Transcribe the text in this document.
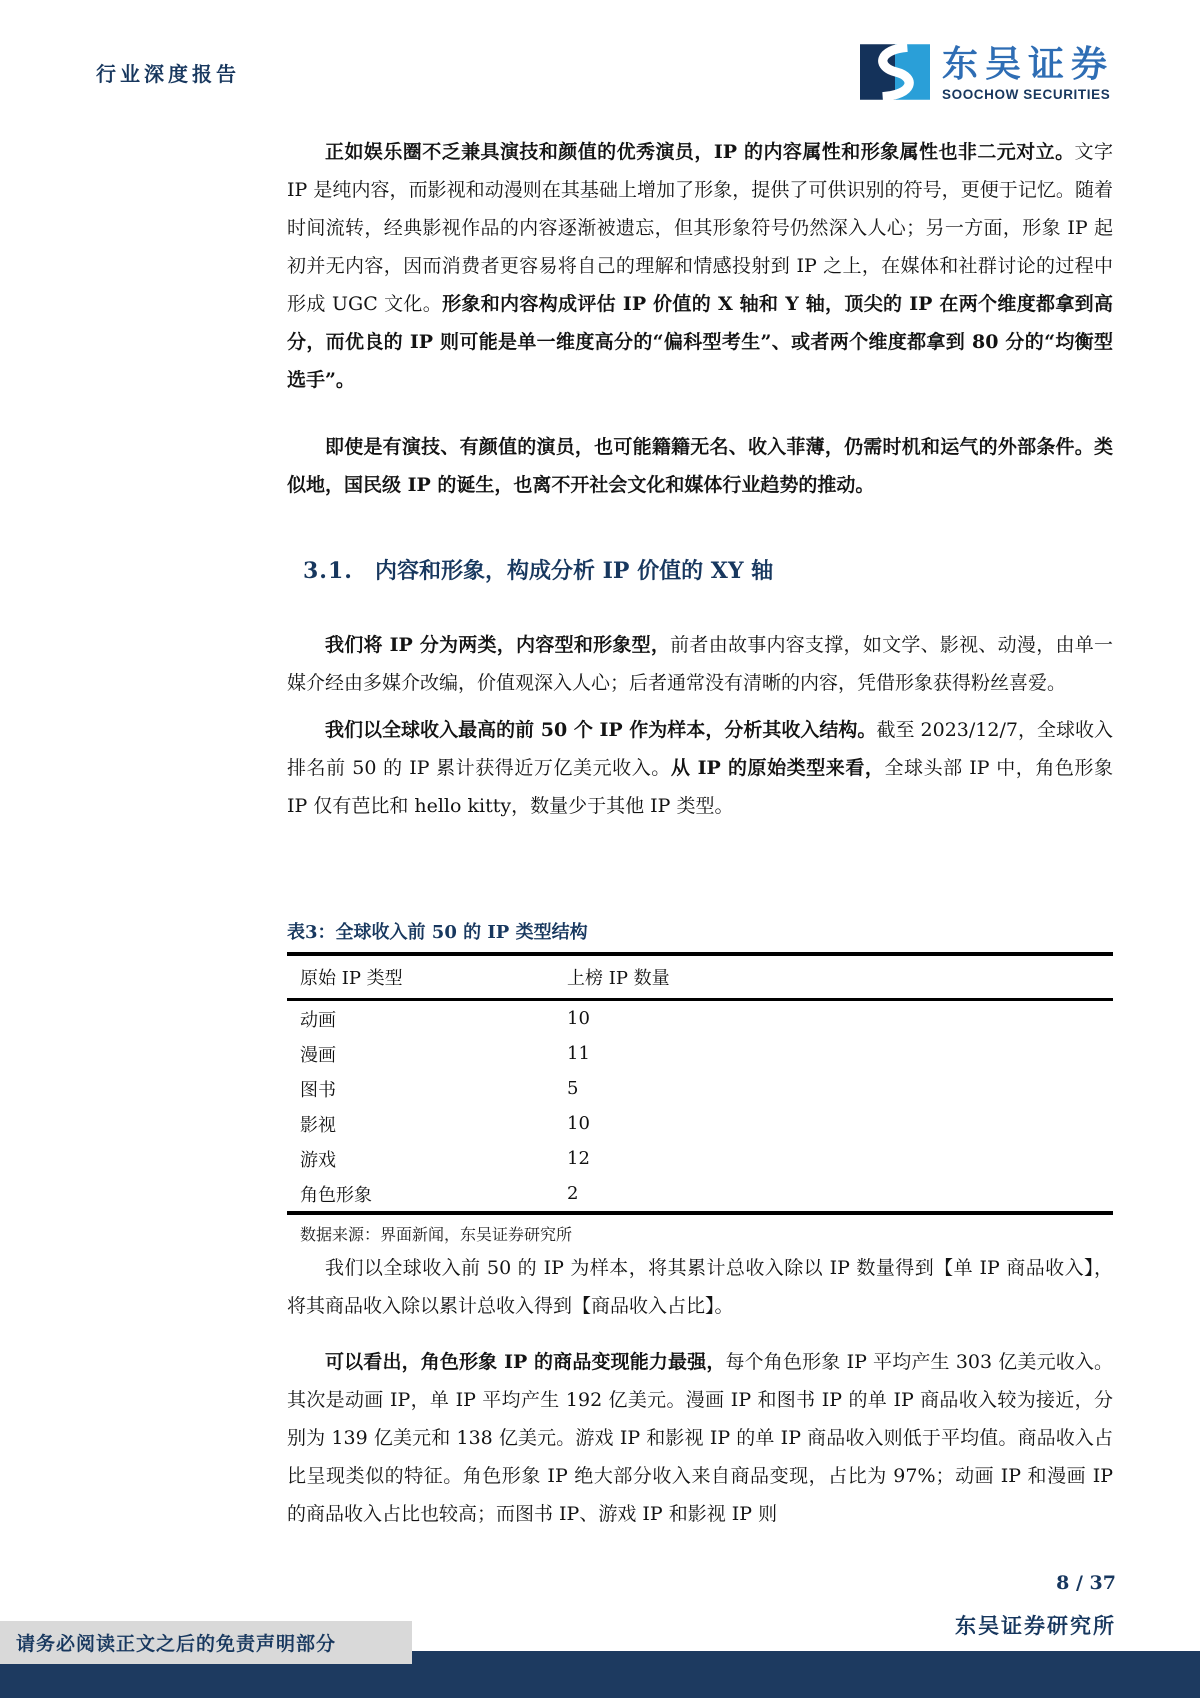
行业深度报告	东吴证券
SOOCHOW SECURITIES

正如娱乐圈不乏兼具演技和颜值的优秀演员，IP 的内容属性和形象属性也非二元对立。文字 IP 是纯内容，而影视和动漫则在其基础上增加了形象，提供了可供识别的符号，更便于记忆。随着时间流转，经典影视作品的内容逐渐被遗忘，但其形象符号仍然深入人心；另一方面，形象 IP 起初并无内容，因而消费者更容易将自己的理解和情感投射到 IP 之上，在媒体和社群讨论的过程中形成 UGC 文化。形象和内容构成评估 IP 价值的 X 轴和 Y 轴，顶尖的 IP 在两个维度都拿到高分，而优良的 IP 则可能是单一维度高分的“偏科型考生”、或者两个维度都拿到 80 分的“均衡型选手”。

即使是有演技、有颜值的演员，也可能籍籍无名、收入菲薄，仍需时机和运气的外部条件。类似地，国民级 IP 的诞生，也离不开社会文化和媒体行业趋势的推动。

3.1. 内容和形象，构成分析 IP 价值的 XY 轴

我们将 IP 分为两类，内容型和形象型，前者由故事内容支撑，如文学、影视、动漫，由单一媒介经由多媒介改编，价值观深入人心；后者通常没有清晰的内容，凭借形象获得粉丝喜爱。

我们以全球收入最高的前 50 个 IP 作为样本，分析其收入结构。截至 2023/12/7，全球收入排名前 50 的 IP 累计获得近万亿美元收入。从 IP 的原始类型来看，全球头部 IP 中，角色形象 IP 仅有芭比和 hello kitty，数量少于其他 IP 类型。

表3：全球收入前 50 的 IP 类型结构
原始 IP 类型	上榜 IP 数量
动画	10
漫画	11
图书	5
影视	10
游戏	12
角色形象	2
数据来源：界面新闻，东吴证券研究所

我们以全球收入前 50 的 IP 为样本，将其累计总收入除以 IP 数量得到【单 IP 商品收入】，将其商品收入除以累计总收入得到【商品收入占比】。

可以看出，角色形象 IP 的商品变现能力最强，每个角色形象 IP 平均产生 303 亿美元收入。其次是动画 IP，单 IP 平均产生 192 亿美元。漫画 IP 和图书 IP 的单 IP 商品收入较为接近，分别为 139 亿美元和 138 亿美元。游戏 IP 和影视 IP 的单 IP 商品收入则低于平均值。商品收入占比呈现类似的特征。角色形象 IP 绝大部分收入来自商品变现，占比为 97%；动画 IP 和漫画 IP 的商品收入占比也较高；而图书 IP、游戏 IP 和影视 IP 则

8 / 37
东吴证券研究所
请务必阅读正文之后的免责声明部分
